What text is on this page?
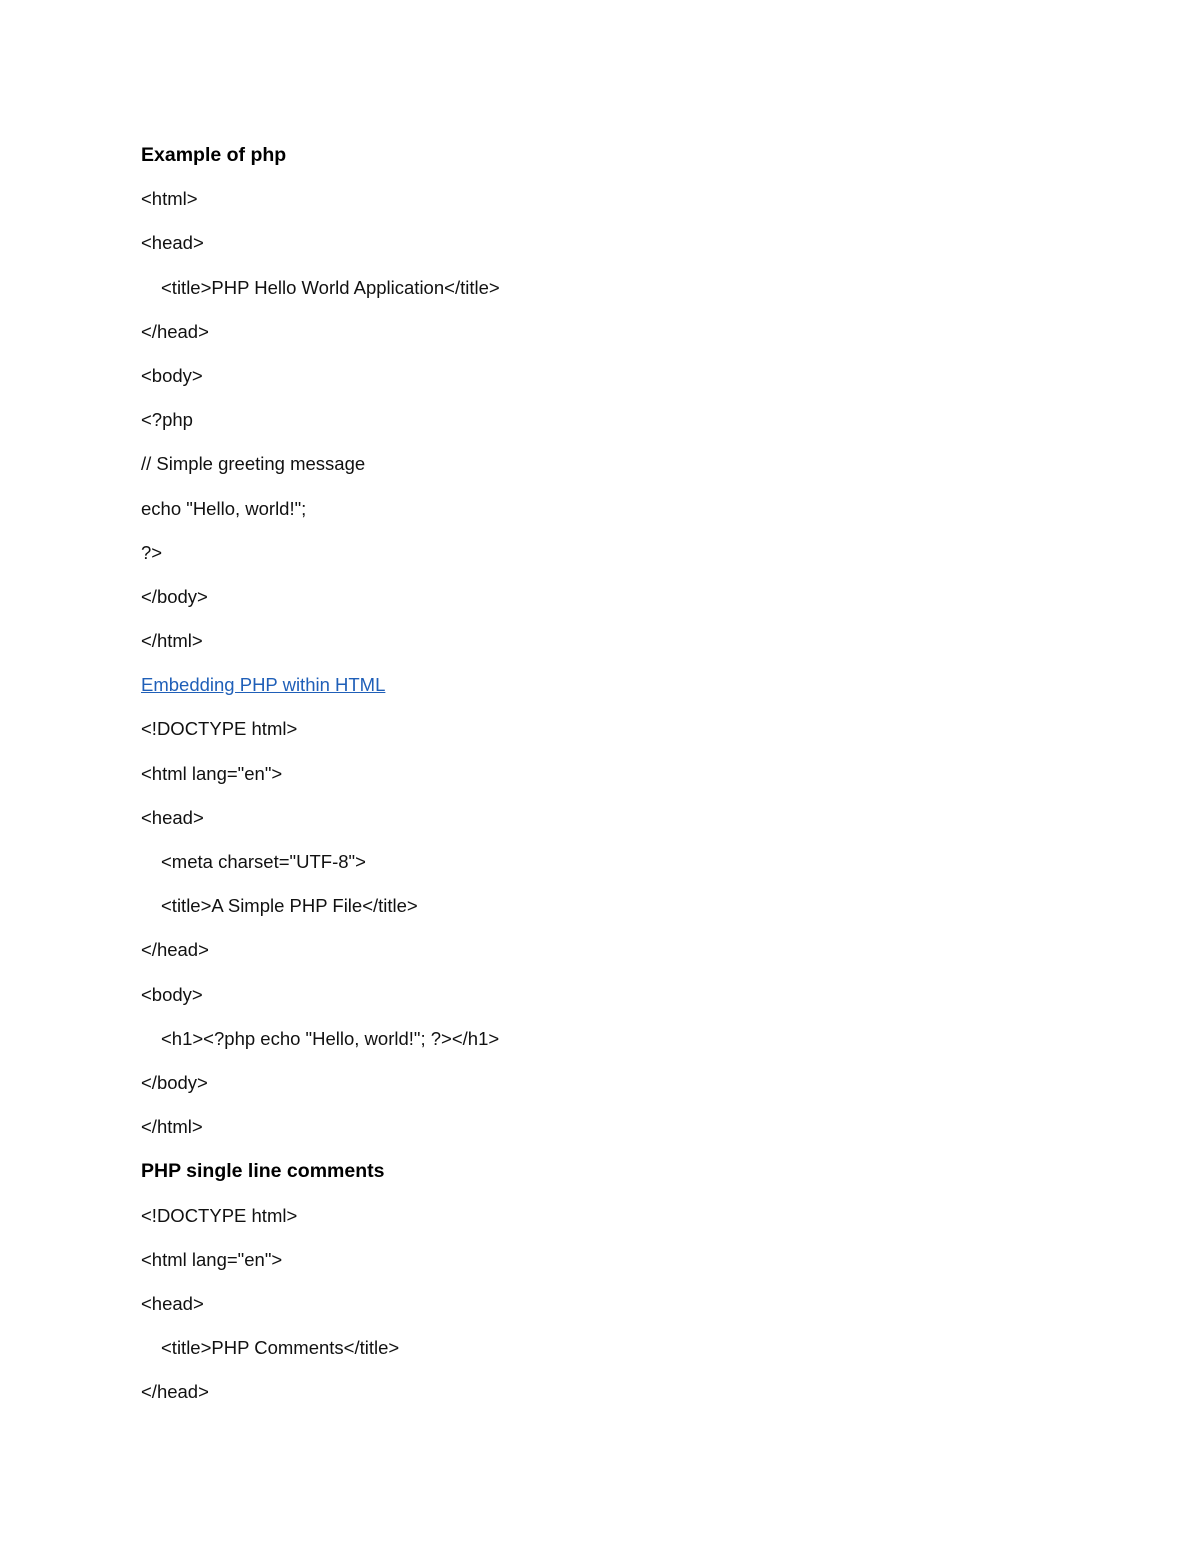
Example of php
<html>
<head>
<title>PHP Hello World Application</title>
</head>
<body>
<?php
// Simple greeting message
echo "Hello, world!";
?>
</body>
</html>
Embedding PHP within HTML
<!DOCTYPE html>
<html lang="en">
<head>
<meta charset="UTF-8">
<title>A Simple PHP File</title>
</head>
<body>
<h1><?php echo "Hello, world!"; ?></h1>
</body>
</html>
PHP single line comments
<!DOCTYPE html>
<html lang="en">
<head>
<title>PHP Comments</title>
</head>
